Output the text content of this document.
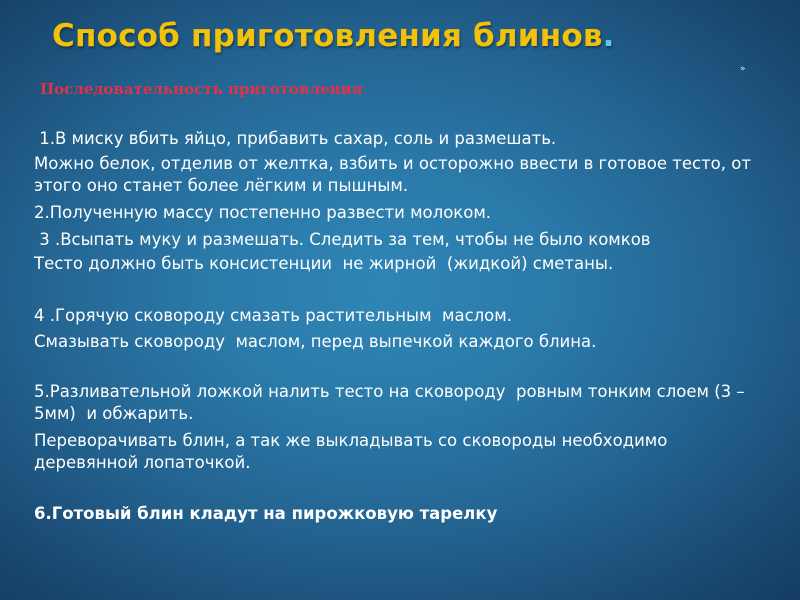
Способ приготовления блинов.
Последовательность приготовления
»
1.В миску вбить яйцо, прибавить сахар, соль и размешать.
Можно белок, отделив от желтка, взбить и осторожно ввести в готовое тесто, от этого оно станет более лёгким и пышным.
2.Полученную массу постепенно развести молоком.
3 .Всыпать муку и размешать. Следить за тем, чтобы не было комков
Тесто должно быть консистенции  не жирной  (жидкой) сметаны.
4 .Горячую сковороду смазать растительным  маслом.
Смазывать сковороду  маслом, перед выпечкой каждого блина.
5.Разливательной ложкой налить тесто на сковороду  ровным тонким слоем (3 – 5мм)  и обжарить.
Переворачивать блин, а так же выкладывать со сковороды необходимо деревянной лопаточкой.
6.Готовый блин кладут на пирожковую тарелку
